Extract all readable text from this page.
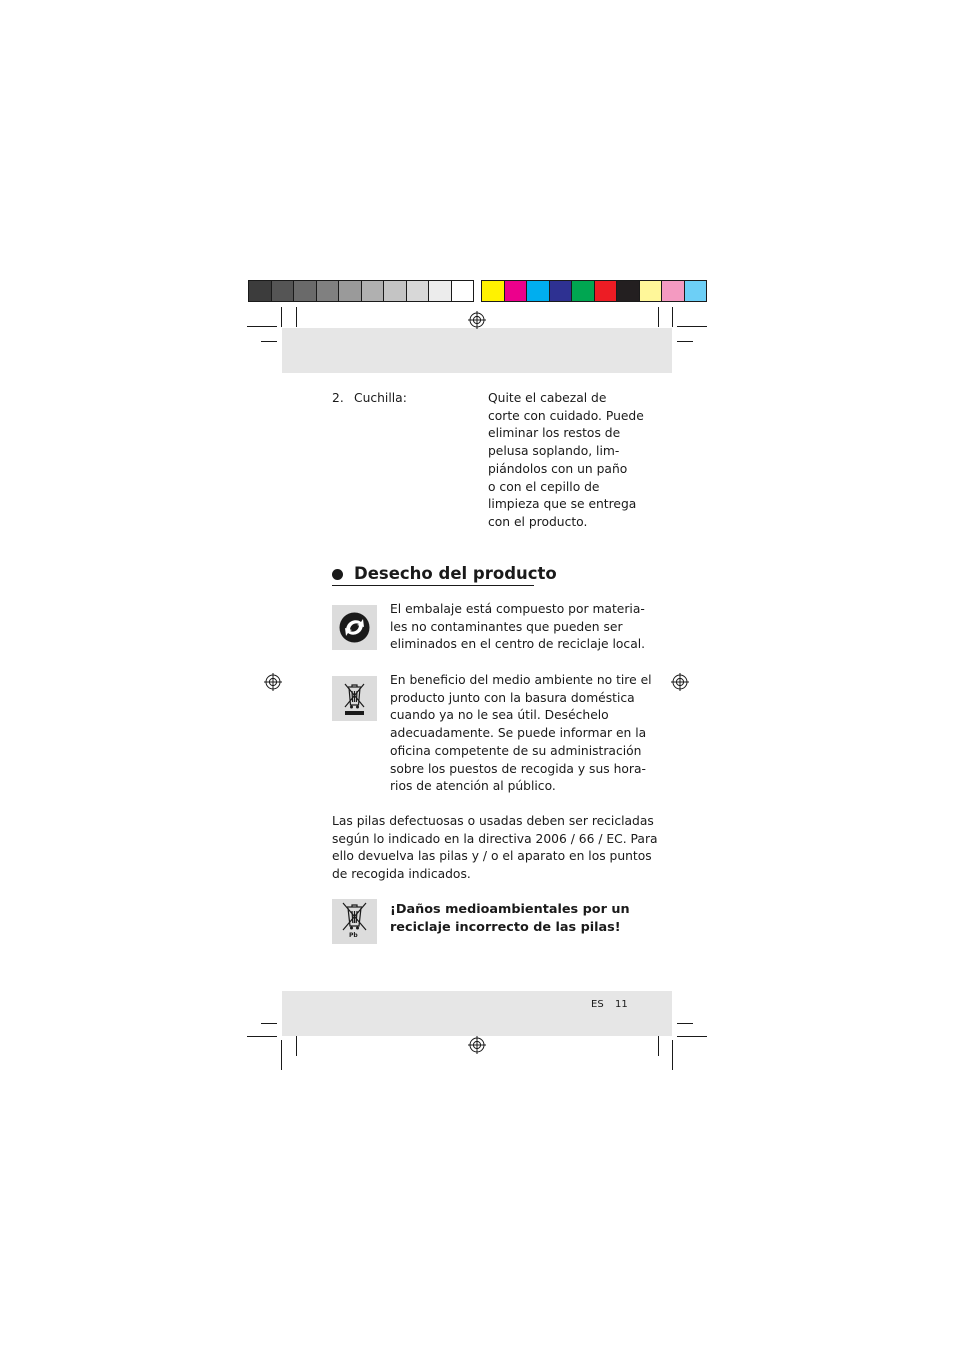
2. Cuchilla:	Quite el cabezal de
corte con cuidado. Puede
eliminar los restos de
pelusa soplando, lim-
piándolos con un paño
o con el cepillo de
limpieza que se entrega
con el producto.
Desecho del producto
El embalaje está compuesto por materia-
les no contaminantes que pueden ser
eliminados en el centro de reciclaje local.
En beneficio del medio ambiente no tire el
producto junto con la basura doméstica
cuando ya no le sea útil. Deséchelo
adecuadamente. Se puede informar en la
oficina competente de su administración
sobre los puestos de recogida y sus hora-
rios de atención al público.
Las pilas defectuosas o usadas deben ser recicladas
según lo indicado en la directiva 2006 / 66 / EC. Para
ello devuelva las pilas y / o el aparato en los puntos
de recogida indicados.
Pb
¡Daños medioambientales por un
reciclaje incorrecto de las pilas!
ES 11
